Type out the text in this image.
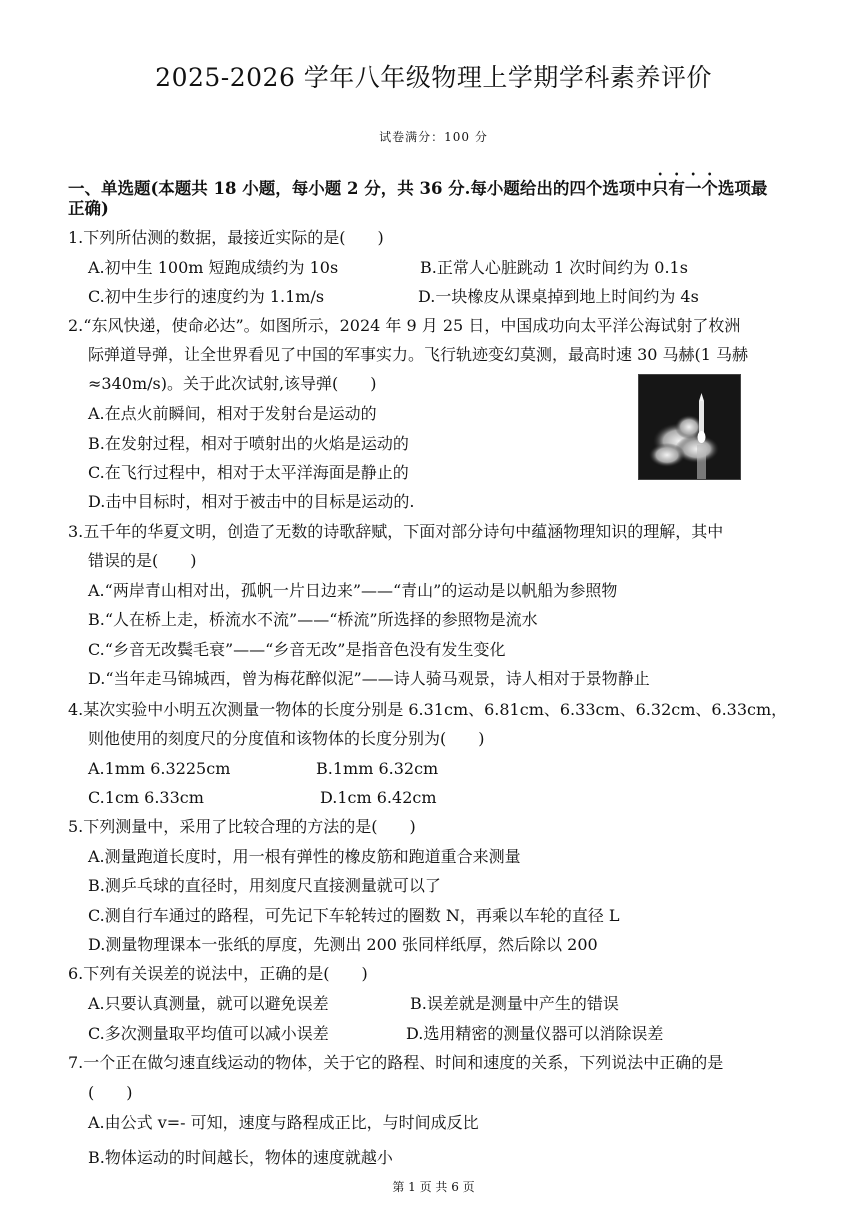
2025-2026 学年八年级物理上学期学科素养评价
试卷满分：100 分
一、单选题(本题共 18 小题，每小题 2 分，共 36 分.每小题给出的四个选项中只有一个选项最
正确)
1.下列所估测的数据，最接近实际的是(　　)
A.初中生 100m 短跑成绩约为 10s	B.正常人心脏跳动 1 次时间约为 0.1s
C.初中生步行的速度约为 1.1m/s	D.一块橡皮从课桌掉到地上时间约为 4s
2.“东风快递，使命必达”。如图所示，2024 年 9 月 25 日，中国成功向太平洋公海试射了枚洲
际弹道导弹，让全世界看见了中国的军事实力。飞行轨迹变幻莫测，最高时速 30 马赫(1 马赫
≈340m/s)。关于此次试射,该导弹(　　)
A.在点火前瞬间，相对于发射台是运动的
B.在发射过程，相对于喷射出的火焰是运动的
C.在飞行过程中，相对于太平洋海面是静止的
D.击中目标时，相对于被击中的目标是运动的.
3.五千年的华夏文明，创造了无数的诗歌辞赋，下面对部分诗句中蕴涵物理知识的理解，其中
错误的是(　　)
A.“两岸青山相对出，孤帆一片日边来”——“青山”的运动是以帆船为参照物
B.“人在桥上走，桥流水不流”——“桥流”所选择的参照物是流水
C.“乡音无改鬓毛衰”——“乡音无改”是指音色没有发生变化
D.“当年走马锦城西，曾为梅花醉似泥”——诗人骑马观景，诗人相对于景物静止
4.某次实验中小明五次测量一物体的长度分别是 6.31cm、6.81cm、6.33cm、6.32cm、6.33cm，
则他使用的刻度尺的分度值和该物体的长度分别为(　　)
A.1mm 6.3225cm	B.1mm 6.32cm
C.1cm 6.33cm	D.1cm 6.42cm
5.下列测量中，采用了比较合理的方法的是(　　)
A.测量跑道长度时，用一根有弹性的橡皮筋和跑道重合来测量
B.测乒乓球的直径时，用刻度尺直接测量就可以了
C.测自行车通过的路程，可先记下车轮转过的圈数 N，再乘以车轮的直径 L
D.测量物理课本一张纸的厚度，先测出 200 张同样纸厚，然后除以 200
6.下列有关误差的说法中，正确的是(　　)
A.只要认真测量，就可以避免误差	B.误差就是测量中产生的错误
C.多次测量取平均值可以减小误差	D.选用精密的测量仪器可以消除误差
7.一个正在做匀速直线运动的物体，关于它的路程、时间和速度的关系，下列说法中正确的是
(　　)
A.由公式 v=- 可知，速度与路程成正比，与时间成反比
B.物体运动的时间越长，物体的速度就越小
第 1 页 共 6 页
